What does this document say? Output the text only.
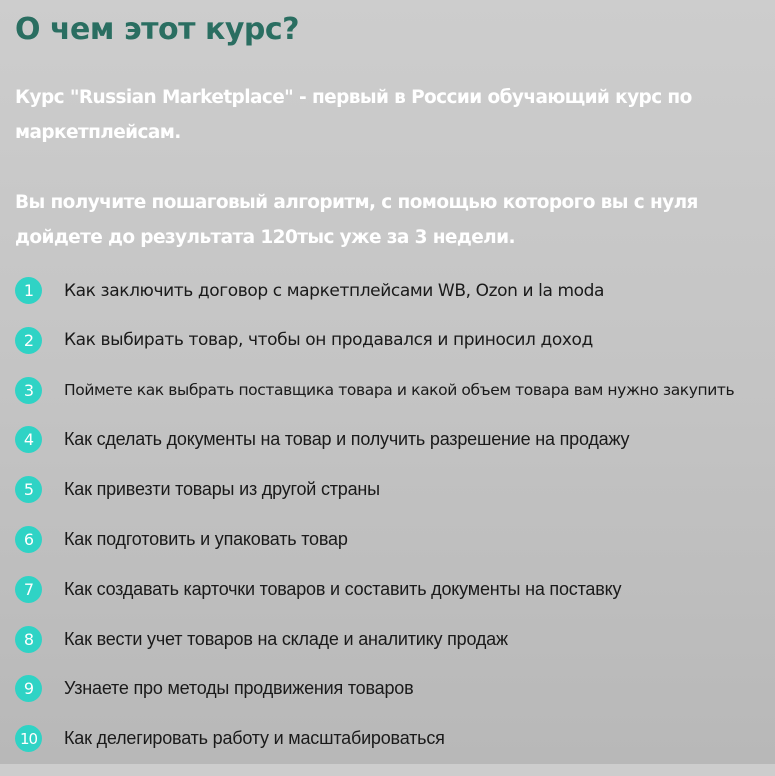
О чем этот курс?

Курс "Russian Marketplace" - первый в России обучающий курс по маркетплейсам.

Вы получите пошаговый алгоритм, с помощью которого вы с нуля дойдете до результата 120тыс уже за 3 недели.

1	Как заключить договор с маркетплейсами WB, Ozon и la moda
2	Как выбирать товар, чтобы он продавался и приносил доход
3	Поймете как выбрать поставщика товара и какой объем товара вам нужно закупить
4	Как сделать документы на товар и получить разрешение на продажу
5	Как привезти товары из другой страны
6	Как подготовить и упаковать товар
7	Как создавать карточки товаров и составить документы на поставку
8	Как вести учет товаров на складе и аналитику продаж
9	Узнаете про методы продвижения товаров
10 Как делегировать работу и масштабироваться
